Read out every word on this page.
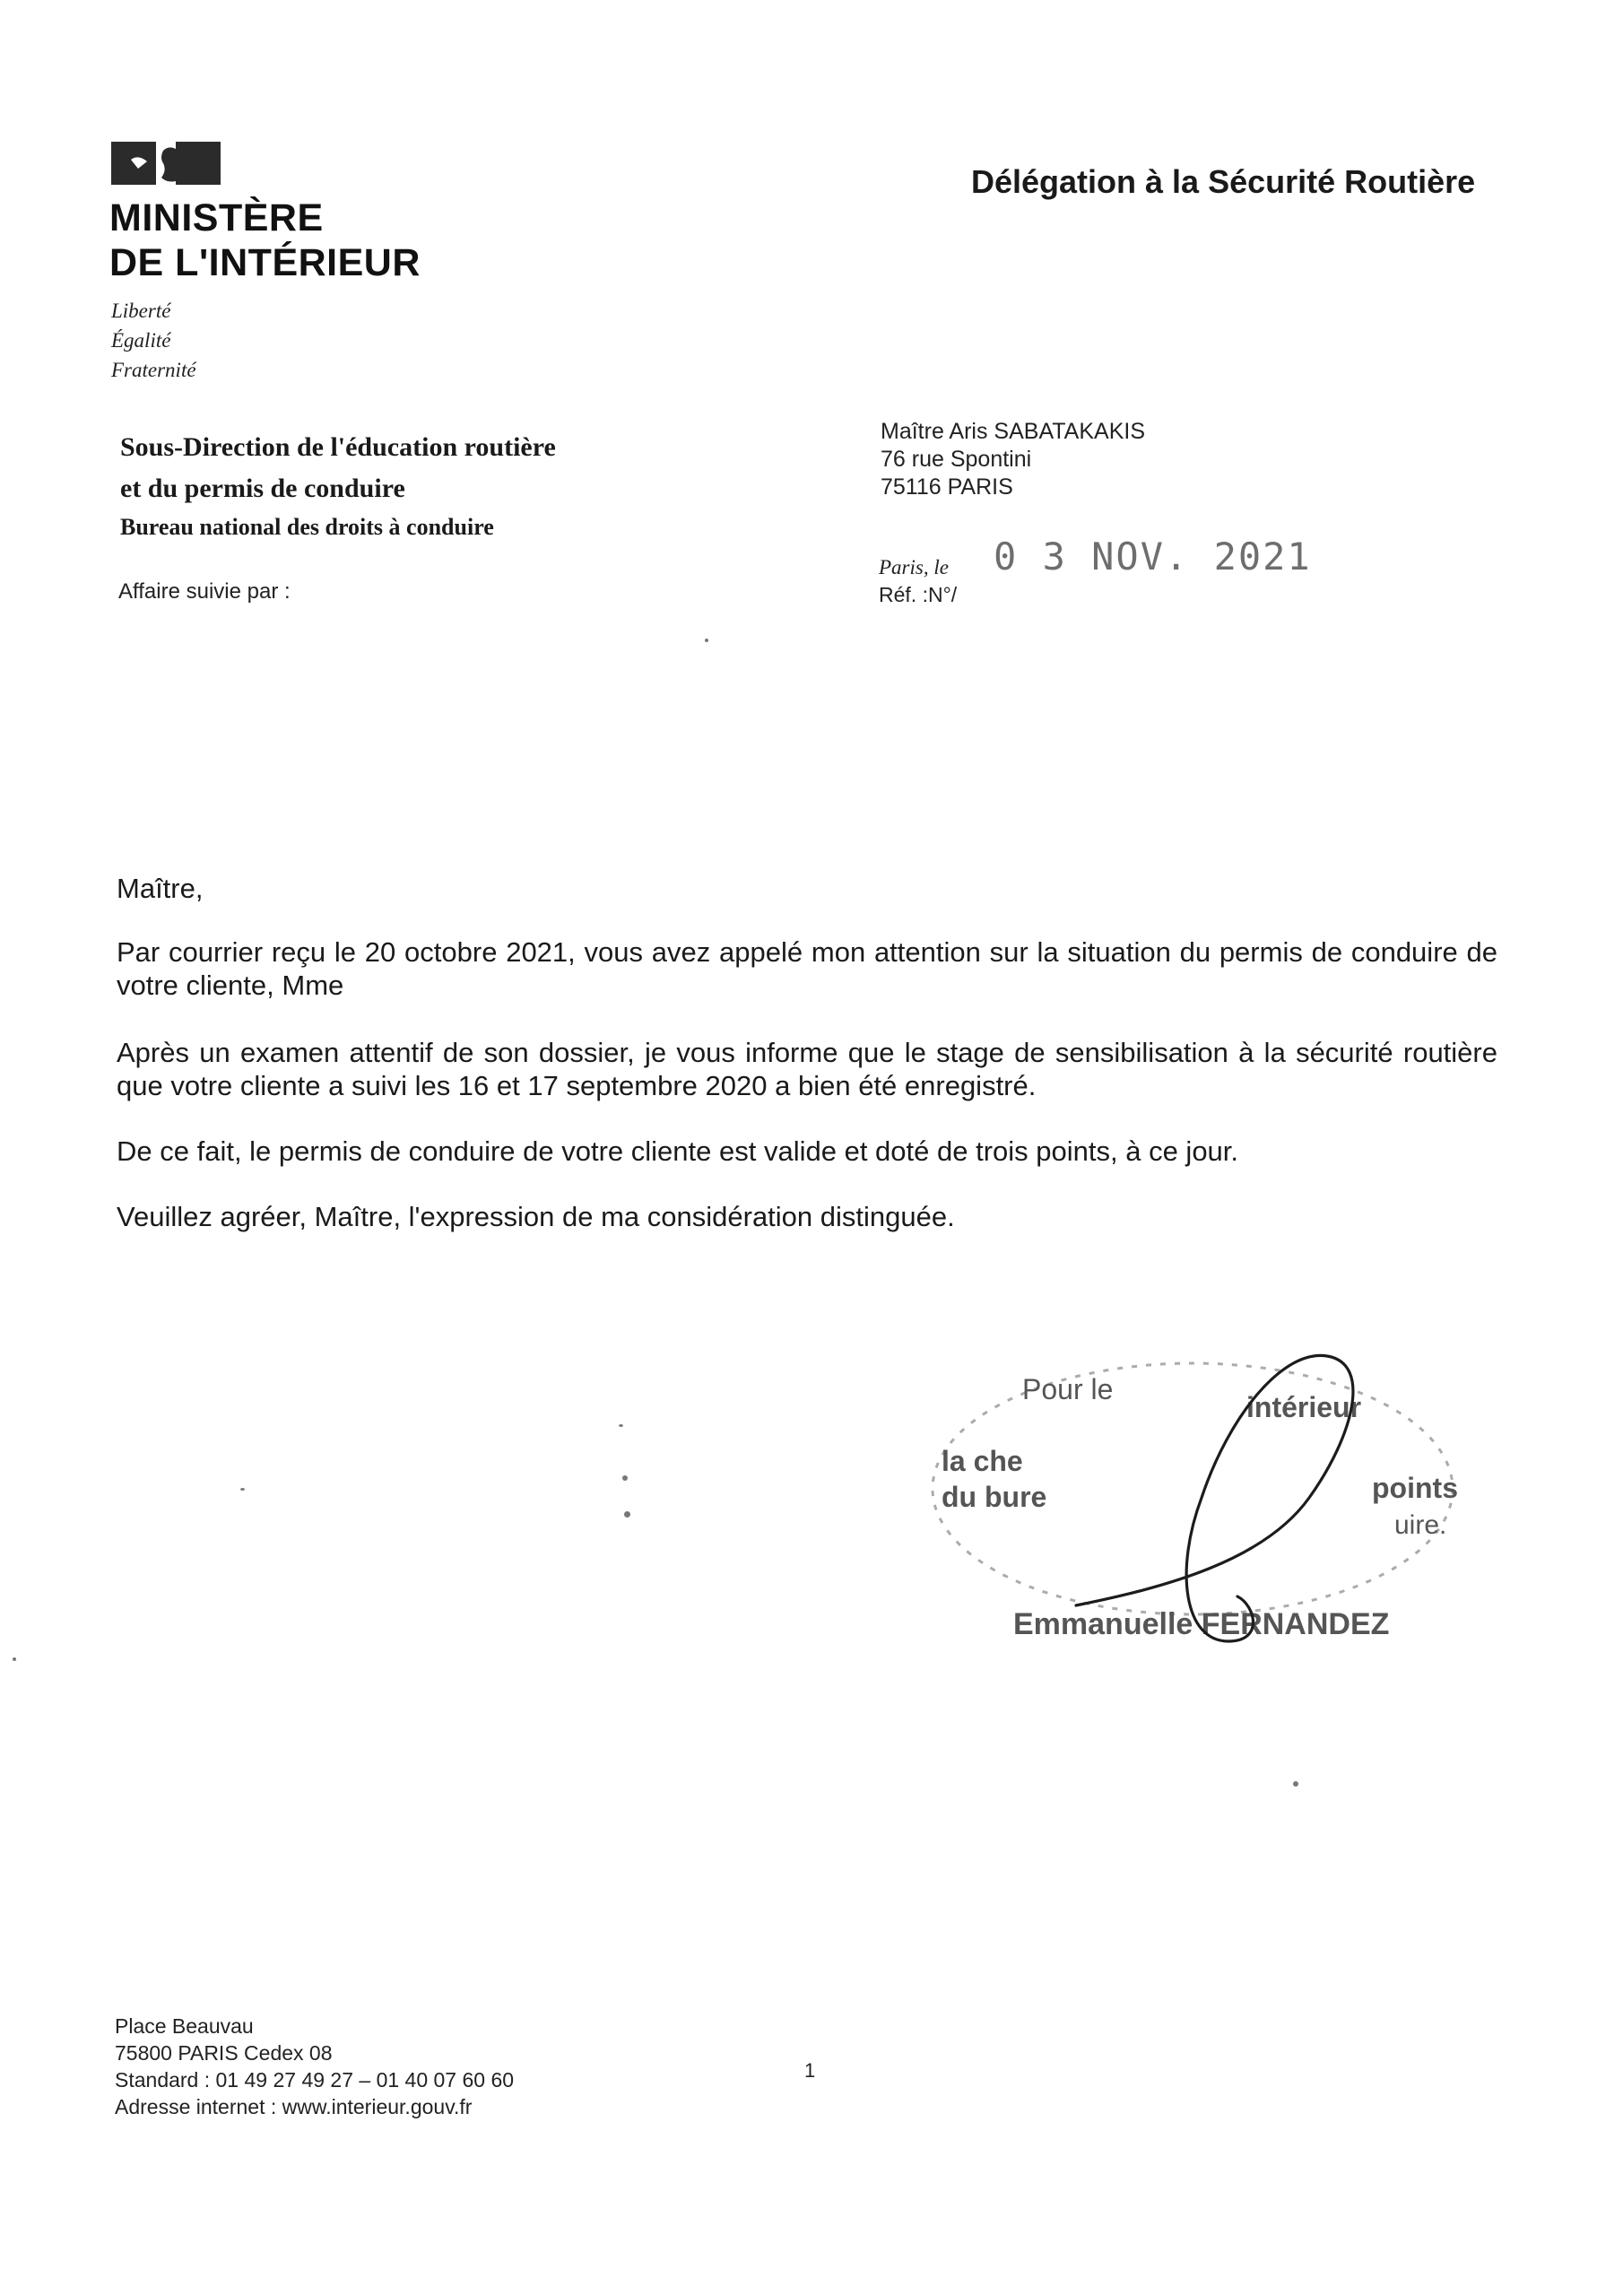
MINISTÈRE
DE L'INTÉRIEUR
Liberté
Égalité
Fraternité
Délégation à la Sécurité Routière
Sous-Direction de l'éducation routière
et du permis de conduire
Bureau national des droits à conduire
Affaire suivie par :
Maître Aris SABATAKAKIS
76 rue Spontini
75116 PARIS
Paris, le 0 3 NOV. 2021
Réf. :N°/
Maître,
Par courrier reçu le 20 octobre 2021, vous avez appelé mon attention sur la situation du permis de conduire de votre cliente, Mme
Après un examen attentif de son dossier, je vous informe que le stage de sensibilisation à la sécurité routière que votre cliente a suivi les 16 et 17 septembre 2020 a bien été enregistré.
De ce fait, le permis de conduire de votre cliente est valide et doté de trois points, à ce jour.
Veuillez agréer, Maître, l'expression de ma considération distinguée.
Pour le
intérieur
la che
du bure	points
uire.
Emmanuelle FERNANDEZ
Place Beauvau
75800 PARIS Cedex 08
Standard : 01 49 27 49 27 – 01 40 07 60 60
Adresse internet : www.interieur.gouv.fr
1
